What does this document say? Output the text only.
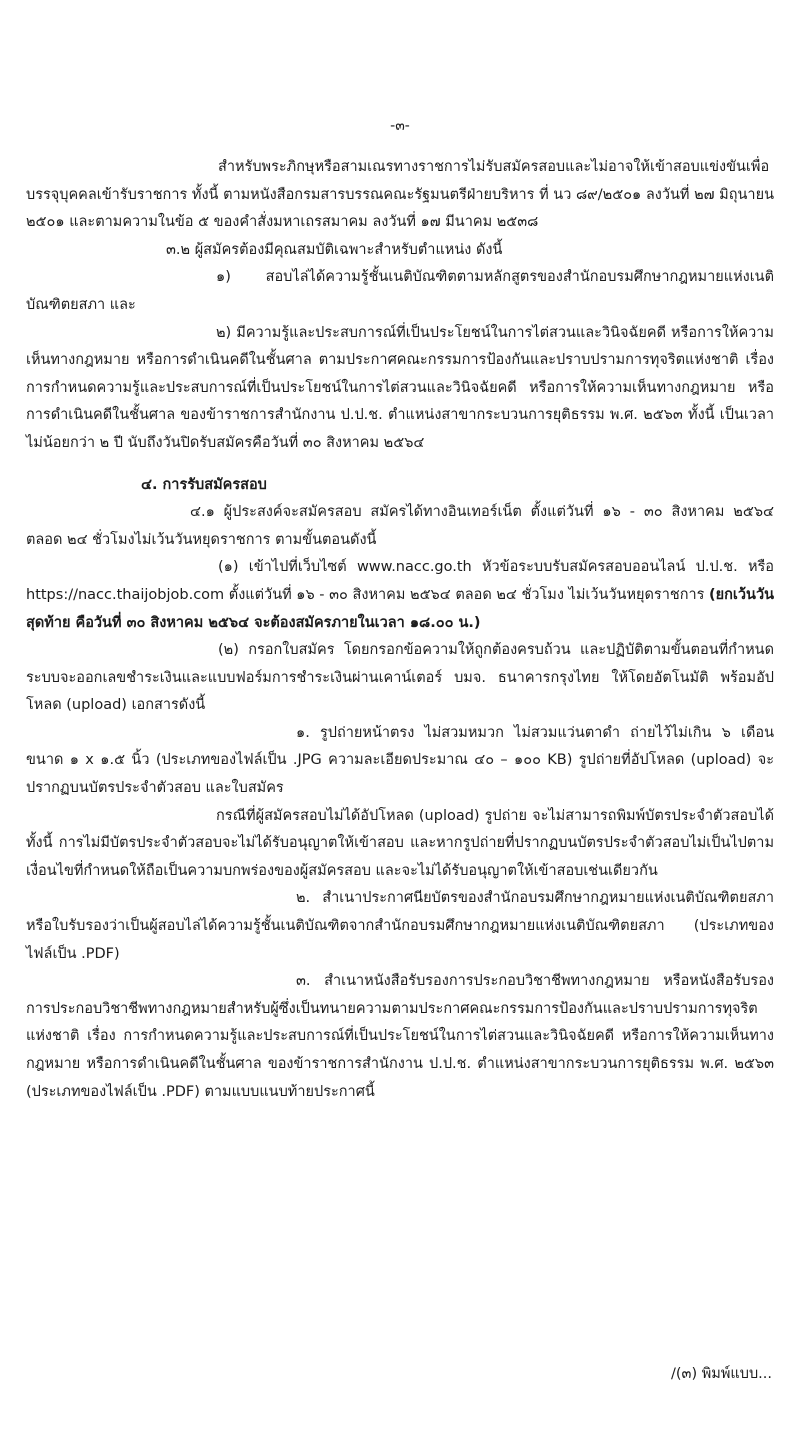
-๓-

สำหรับพระภิกษุหรือสามเณรทางราชการไม่รับสมัครสอบและไม่อาจให้เข้าสอบแข่งขันเพื่อบรรจุบุคคลเข้ารับราชการ ทั้งนี้ ตามหนังสือกรมสารบรรณคณะรัฐมนตรีฝ่ายบริหาร ที่ นว ๘๙/๒๕๐๑ ลงวันที่ ๒๗ มิถุนายน ๒๕๐๑ และตามความในข้อ ๕ ของคำสั่งมหาเถรสมาคม ลงวันที่ ๑๗ มีนาคม ๒๕๓๘

๓.๒ ผู้สมัครต้องมีคุณสมบัติเฉพาะสำหรับตำแหน่ง ดังนี้

๑) สอบไล่ได้ความรู้ชั้นเนติบัณฑิตตามหลักสูตรของสำนักอบรมศึกษากฎหมายแห่งเนติบัณฑิตยสภา และ

๒) มีความรู้และประสบการณ์ที่เป็นประโยชน์ในการไต่สวนและวินิจฉัยคดี หรือการให้ความเห็นทางกฎหมาย หรือการดำเนินคดีในชั้นศาล ตามประกาศคณะกรรมการป้องกันและปราบปรามการทุจริตแห่งชาติ เรื่อง การกำหนดความรู้และประสบการณ์ที่เป็นประโยชน์ในการไต่สวนและวินิจฉัยคดี หรือการให้ความเห็นทางกฎหมาย หรือการดำเนินคดีในชั้นศาล ของข้าราชการสำนักงาน ป.ป.ช. ตำแหน่งสาขากระบวนการยุติธรรม พ.ศ. ๒๕๖๓ ทั้งนี้ เป็นเวลาไม่น้อยกว่า ๒ ปี นับถึงวันปิดรับสมัครคือวันที่ ๓๐ สิงหาคม ๒๕๖๔

๔. การรับสมัครสอบ

๔.๑ ผู้ประสงค์จะสมัครสอบ สมัครได้ทางอินเทอร์เน็ต ตั้งแต่วันที่ ๑๖ - ๓๐ สิงหาคม ๒๕๖๔ ตลอด ๒๔ ชั่วโมงไม่เว้นวันหยุดราชการ ตามขั้นตอนดังนี้

(๑) เข้าไปที่เว็บไซต์ www.nacc.go.th หัวข้อระบบรับสมัครสอบออนไลน์ ป.ป.ช. หรือ https://nacc.thaijobjob.com ตั้งแต่วันที่ ๑๖ - ๓๐ สิงหาคม ๒๕๖๔ ตลอด ๒๔ ชั่วโมง ไม่เว้นวันหยุดราชการ (ยกเว้นวันสุดท้าย คือวันที่ ๓๐ สิงหาคม ๒๕๖๔ จะต้องสมัครภายในเวลา ๑๘.๐๐ น.)

(๒) กรอกใบสมัคร โดยกรอกข้อความให้ถูกต้องครบถ้วน และปฏิบัติตามขั้นตอนที่กำหนด ระบบจะออกเลขชำระเงินและแบบฟอร์มการชำระเงินผ่านเคาน์เตอร์ บมจ. ธนาคารกรุงไทย ให้โดยอัตโนมัติ พร้อมอัปโหลด (upload) เอกสารดังนี้

๑. รูปถ่ายหน้าตรง ไม่สวมหมวก ไม่สวมแว่นตาดำ ถ่ายไว้ไม่เกิน ๖ เดือน ขนาด ๑ x ๑.๕ นิ้ว (ประเภทของไฟล์เป็น .JPG ความละเอียดประมาณ ๔๐ – ๑๐๐ KB) รูปถ่ายที่อัปโหลด (upload) จะปรากฏบนบัตรประจำตัวสอบ และใบสมัคร

กรณีที่ผู้สมัครสอบไม่ได้อัปโหลด (upload) รูปถ่าย จะไม่สามารถพิมพ์บัตรประจำตัวสอบได้ ทั้งนี้ การไม่มีบัตรประจำตัวสอบจะไม่ได้รับอนุญาตให้เข้าสอบ และหากรูปถ่ายที่ปรากฏบนบัตรประจำตัวสอบไม่เป็นไปตามเงื่อนไขที่กำหนดให้ถือเป็นความบกพร่องของผู้สมัครสอบ และจะไม่ได้รับอนุญาตให้เข้าสอบเช่นเดียวกัน

๒. สำเนาประกาศนียบัตรของสำนักอบรมศึกษากฎหมายแห่งเนติบัณฑิตยสภา หรือใบรับรองว่าเป็นผู้สอบไล่ได้ความรู้ชั้นเนติบัณฑิตจากสำนักอบรมศึกษากฎหมายแห่งเนติบัณฑิตยสภา (ประเภทของไฟล์เป็น .PDF)

๓. สำเนาหนังสือรับรองการประกอบวิชาชีพทางกฎหมาย หรือหนังสือรับรองการประกอบวิชาชีพทางกฎหมายสำหรับผู้ซึ่งเป็นทนายความตามประกาศคณะกรรมการป้องกันและปราบปรามการทุจริตแห่งชาติ เรื่อง การกำหนดความรู้และประสบการณ์ที่เป็นประโยชน์ในการไต่สวนและวินิจฉัยคดี หรือการให้ความเห็นทางกฎหมาย หรือการดำเนินคดีในชั้นศาล ของข้าราชการสำนักงาน ป.ป.ช. ตำแหน่งสาขากระบวนการยุติธรรม พ.ศ. ๒๕๖๓ (ประเภทของไฟล์เป็น .PDF) ตามแบบแนบท้ายประกาศนี้

/(๓) พิมพ์แบบ...
